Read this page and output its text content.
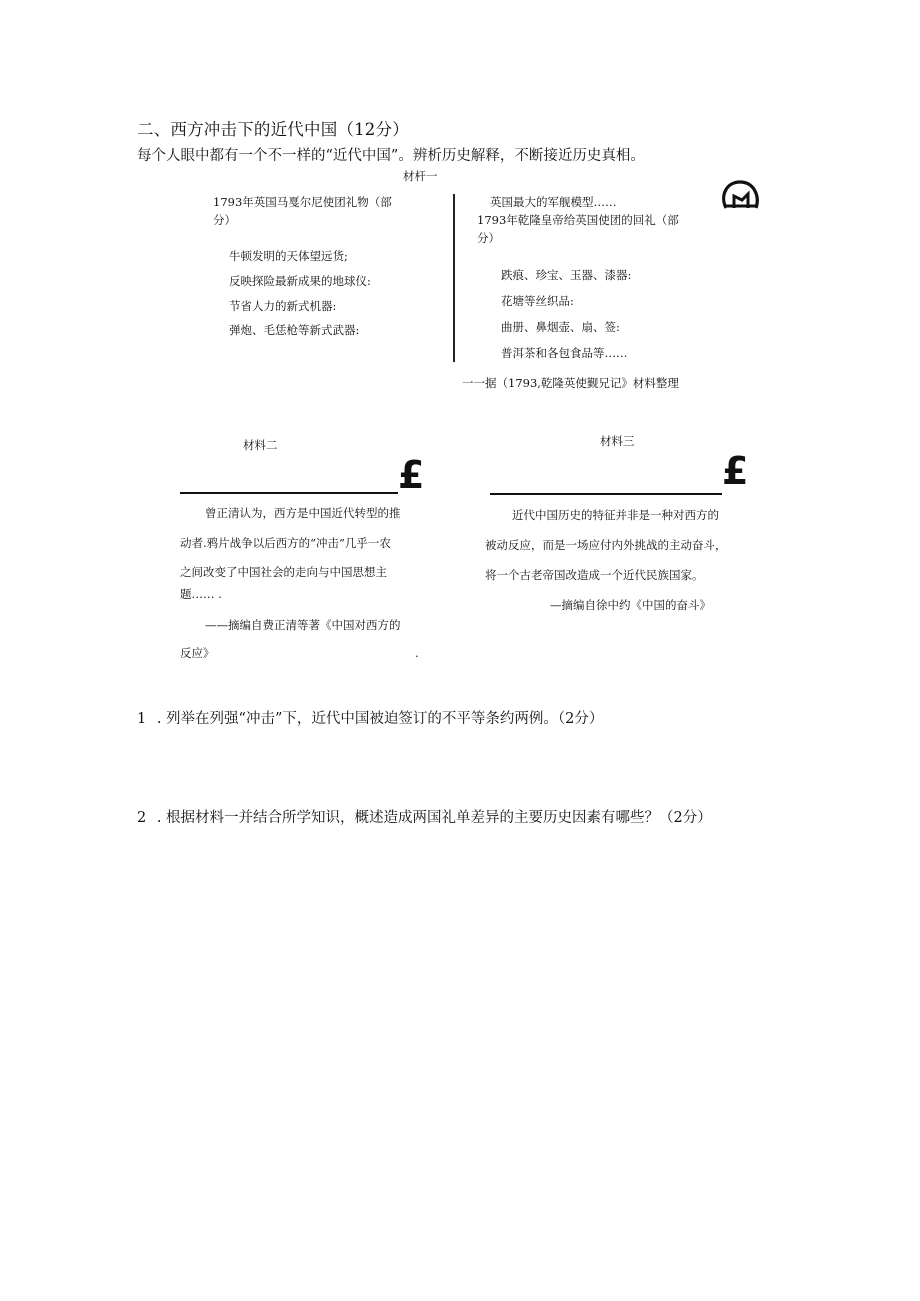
二、西方冲击下的近代中国（12分）
每个人眼中都有一个不一样的“近代中国”。辨析历史解释，不断接近历史真相。
材杆一
1793年英国马戛尔尼使团礼物（部
分）
牛顿发明的天体望远货;
反映探险最新成果的地球仪:
节省人力的新式机器:
弹炮、毛恁枪等新式武器:
英国最大的军舰模型……
1793年乾隆皇帝给英国使团的回礼（部
分）
跌痕、珍宝、玉器、漆器:
花塘等丝织品:
曲册、鼻烟壶、扇、签:
普洱茶和各包食品等……
一一据（1793,乾隆英使觐兄记》材料整理
材料二
£
曾正清认为，西方是中国近代转型的推
动者.鸦片战争以后西方的“冲击”几乎一农
之间改变了中国社会的走向与中国思想主
题…… .
——摘编自费正清等著《中国对西方的
反应》	.
材料三
£
近代中国历史的特征并非是一种对西方的
被动反应，而是一场应付内外挑战的主动奋斗，
将一个古老帝国改造成一个近代民族国家。
—摘编自徐中约《中国的奋斗》
1 . 列举在列强“冲击”下，近代中国被迫签订的不平等条约两例。（2分）
2 . 根据材料一并结合所学知识，概述造成两国礼单差异的主要历史因素有哪些？（2分）
